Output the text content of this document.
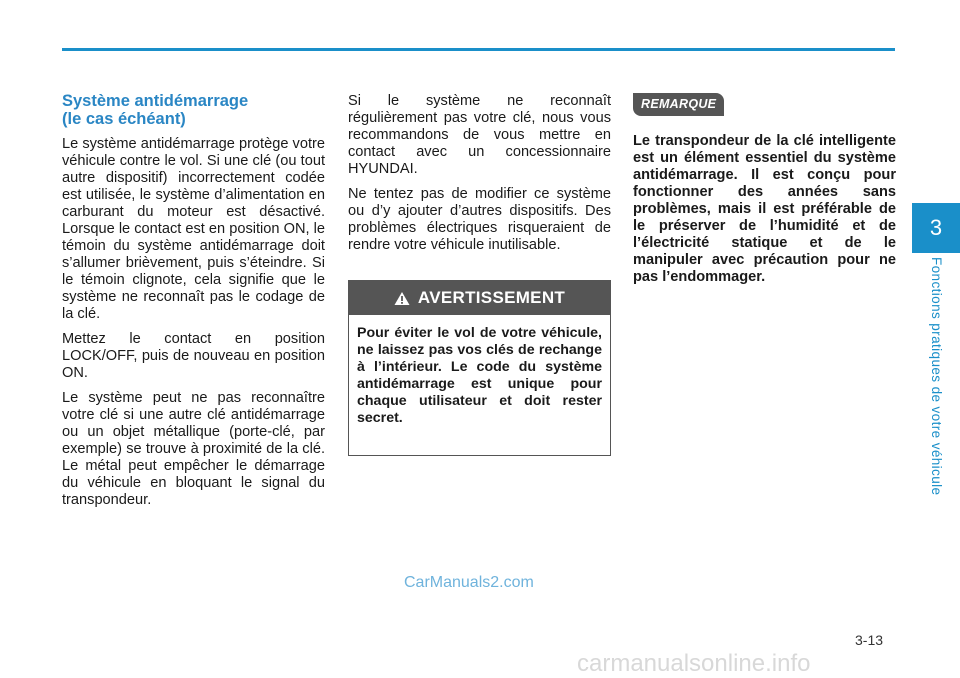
Système antidémarrage
(le cas échéant)

Le système antidémarrage protège votre véhicule contre le vol. Si une clé (ou tout autre dispositif) incorrectement codée est utilisée, le système d’alimentation en carburant du moteur est désactivé. Lorsque le contact est en position ON, le témoin du système antidémarrage doit s’allumer brièvement, puis s’éteindre. Si le témoin clignote, cela signifie que le système ne reconnaît pas le codage de la clé.

Mettez le contact en position LOCK/OFF, puis de nouveau en position ON.

Le système peut ne pas reconnaître votre clé si une autre clé antidémarrage ou un objet métallique (porte-clé, par exemple) se trouve à proximité de la clé. Le métal peut empêcher le démarrage du véhicule en bloquant le signal du transpondeur.

Si le système ne reconnaît régulièrement pas votre clé, nous vous recommandons de vous mettre en contact avec un concessionnaire HYUNDAI.

Ne tentez pas de modifier ce système ou d’y ajouter d’autres dispositifs. Des problèmes électriques risqueraient de rendre votre véhicule inutilisable.

AVERTISSEMENT
Pour éviter le vol de votre véhicule, ne laissez pas vos clés de rechange à l’intérieur. Le code du système antidémarrage est unique pour chaque utilisateur et doit rester secret.
REMARQUE
Le transpondeur de la clé intelligente est un élément essentiel du système antidémarrage. Il est conçu pour fonctionner des années sans problèmes, mais il est préférable de le préserver de l’humidité et de l’électricité statique et de le manipuler avec précaution pour ne pas l’endommager.
3
Fonctions pratiques de votre véhicule
3-13
CarManuals2.com
carmanualsonline.info
